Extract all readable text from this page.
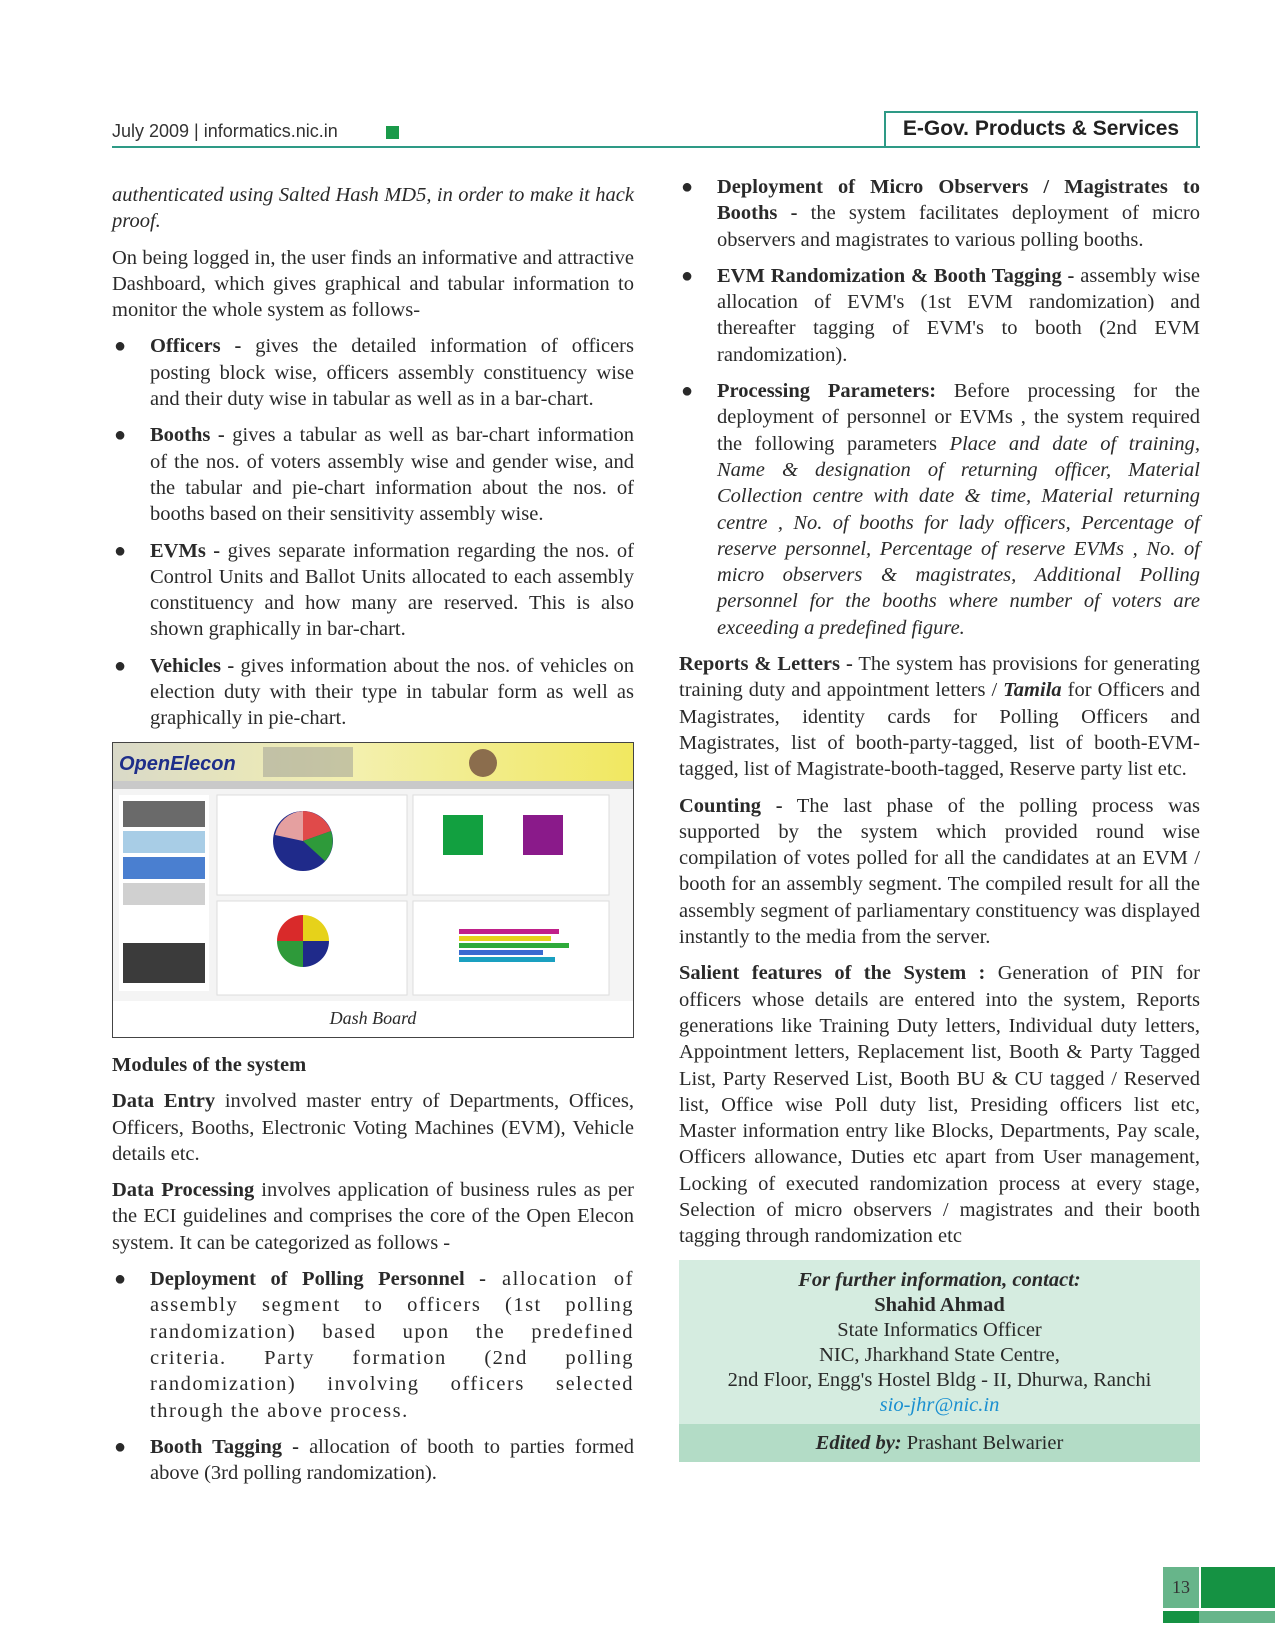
July 2009 | informatics.nic.in	E-Gov. Products & Services

authenticated using Salted Hash MD5, in order to make it hack proof.

On being logged in, the user finds an informative and attractive Dashboard, which gives graphical and tabular information to monitor the whole system as follows-

● Officers - gives the detailed information of officers posting block wise, officers assembly constituency wise and their duty wise in tabular as well as in a bar-chart.
● Booths - gives a tabular as well as bar-chart information of the nos. of voters assembly wise and gender wise, and the tabular and pie-chart information about the nos. of booths based on their sensitivity assembly wise.
● EVMs - gives separate information regarding the nos. of Control Units and Ballot Units allocated to each assembly constituency and how many are reserved. This is also shown graphically in bar-chart.
● Vehicles - gives information about the nos. of vehicles on election duty with their type in tabular form as well as graphically in pie-chart.
OpenElecon
Dash Board

Modules of the system

Data Entry involved master entry of Departments, Offices, Officers, Booths, Electronic Voting Machines (EVM), Vehicle details etc.

Data Processing involves application of business rules as per the ECI guidelines and comprises the core of the Open Elecon system. It can be categorized as follows -

● Deployment of Polling Personnel - allocation of assembly segment to officers (1st polling randomization) based upon the predefined criteria. Party formation (2nd polling randomization) involving officers selected through the above process.
● Booth Tagging - allocation of booth to parties formed above (3rd polling randomization).
● Deployment of Micro Observers / Magistrates to Booths - the system facilitates deployment of micro observers and magistrates to various polling booths.
● EVM Randomization & Booth Tagging - assembly wise allocation of EVM's (1st EVM randomization) and thereafter tagging of EVM's to booth (2nd EVM randomization).
● Processing Parameters: Before processing for the deployment of personnel or EVMs , the system required the following parameters Place and date of training, Name & designation of returning officer, Material Collection centre with date & time, Material returning centre , No. of booths for lady officers, Percentage of reserve personnel, Percentage of reserve EVMs , No. of micro observers & magistrates, Additional Polling personnel for the booths where number of voters are exceeding a predefined figure.

Reports & Letters - The system has provisions for generating training duty and appointment letters / Tamila for Officers and Magistrates, identity cards for Polling Officers and Magistrates, list of booth-party-tagged, list of booth-EVM-tagged, list of Magistrate-booth-tagged, Reserve party list etc.

Counting - The last phase of the polling process was supported by the system which provided round wise compilation of votes polled for all the candidates at an EVM / booth for an assembly segment. The compiled result for all the assembly segment of parliamentary constituency was displayed instantly to the media from the server.

Salient features of the System : Generation of PIN for officers whose details are entered into the system, Reports generations like Training Duty letters, Individual duty letters, Appointment letters, Replacement list, Booth & Party Tagged List, Party Reserved List, Booth BU & CU tagged / Reserved list, Office wise Poll duty list, Presiding officers list etc, Master information entry like Blocks, Departments, Pay scale, Officers allowance, Duties etc apart from User management, Locking of executed randomization process at every stage, Selection of micro observers / magistrates and their booth tagging through randomization etc

For further information, contact:
Shahid Ahmad
State Informatics Officer
NIC, Jharkhand State Centre,
2nd Floor, Engg's Hostel Bldg - II, Dhurwa, Ranchi
sio-jhr@nic.in
Edited by: Prashant Belwarier
13
